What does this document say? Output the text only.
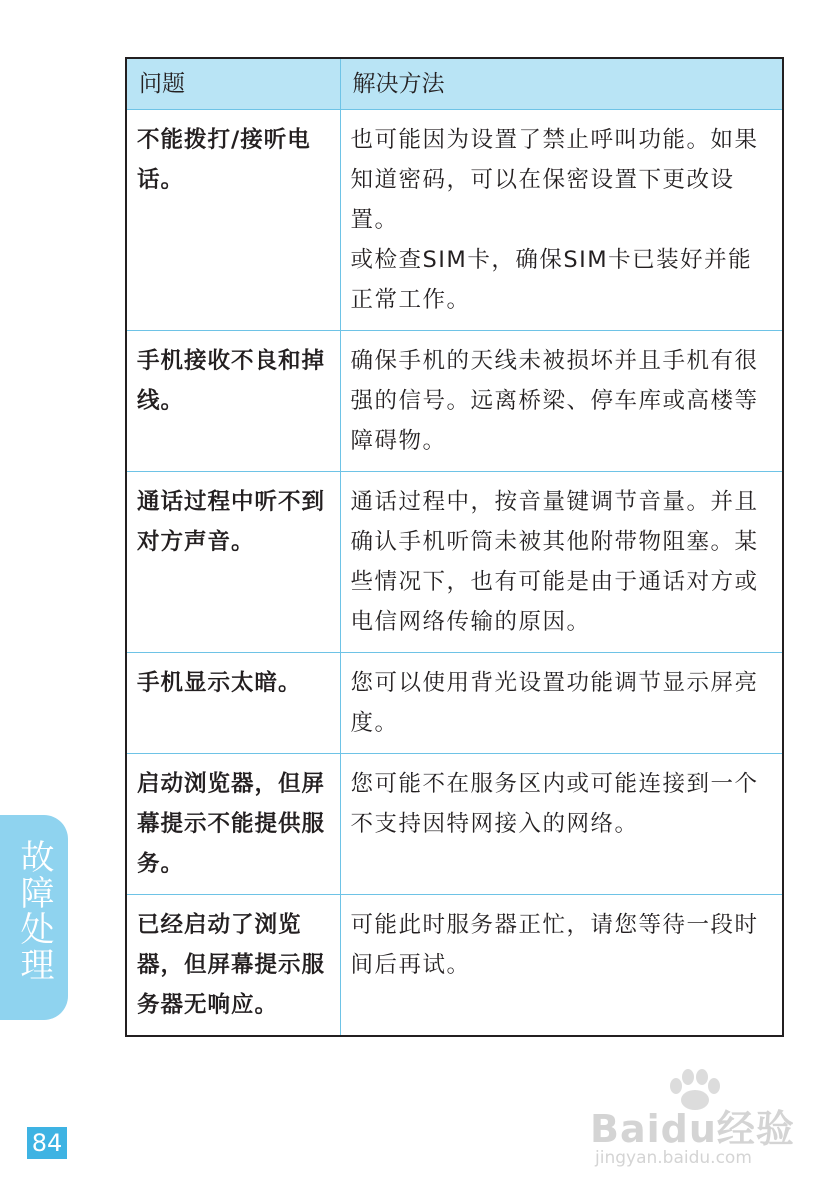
问题	解决方法
不能拨打/接听电话。	也可能因为设置了禁止呼叫功能。如果知道密码，可以在保密设置下更改设置。
或检查SIM卡，确保SIM卡已装好并能正常工作。

手机接收不良和掉线。	确保手机的天线未被损坏并且手机有很强的信号。远离桥梁、停车库或高楼等障碍物。

通话过程中听不到对方声音。	通话过程中，按音量键调节音量。并且确认手机听筒未被其他附带物阻塞。某些情况下，也有可能是由于通话对方或电信网络传输的原因。

手机显示太暗。	您可以使用背光设置功能调节显示屏亮度。

启动浏览器，但屏幕提示不能提供服务。	您可能不在服务区内或可能连接到一个不支持因特网接入的网络。

已经启动了浏览器，但屏幕提示服务器无响应。	可能此时服务器正忙，请您等待一段时间后再试。
故障处理
84	Baidu经验
jingyan.baidu.com
